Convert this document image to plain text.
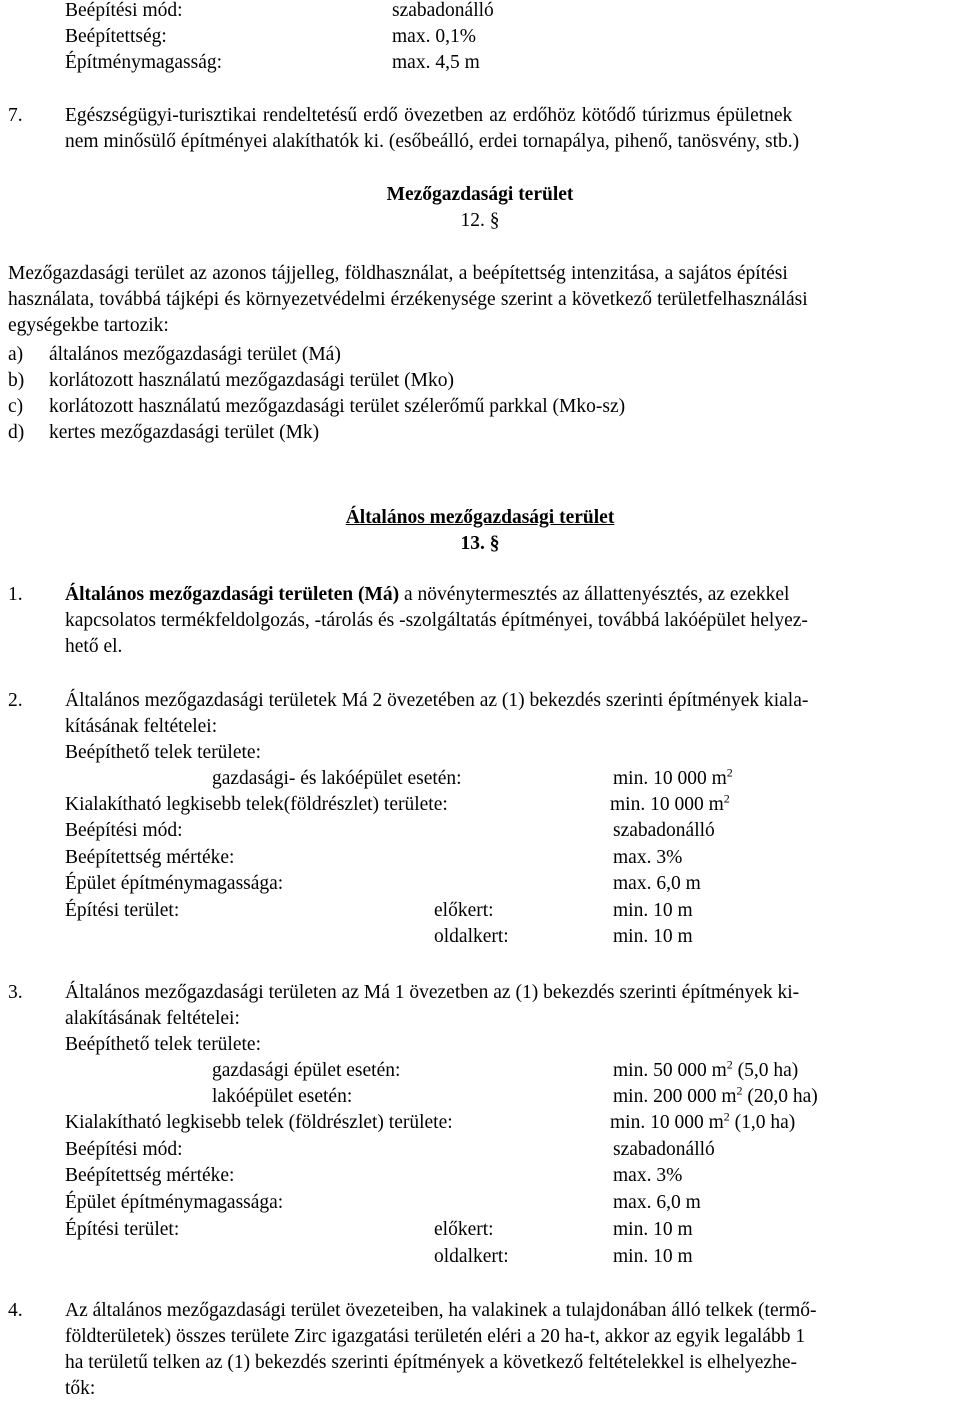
Beépítési mód:	szabadonálló
Beépítettség:	max. 0,1%
Építménymagasság:	max. 4,5 m
7. Egészségügyi-turisztikai rendeltetésű erdő övezetben az erdőhöz kötődő túrizmus épületnek
nem minősülő építményei alakíthatók ki. (esőbeálló, erdei tornapálya, pihenő, tanösvény, stb.)
Mezőgazdasági terület
12. §
Mezőgazdasági terület az azonos tájjelleg, földhasználat, a beépítettség intenzitása, a sajátos építési
használata, továbbá tájképi és környezetvédelmi érzékenysége szerint a következő területfelhasználási
egységekbe tartozik:
a) általános mezőgazdasági terület (Má)
b) korlátozott használatú mezőgazdasági terület (Mko)
c) korlátozott használatú mezőgazdasági terület szélerőmű parkkal (Mko-sz)
d) kertes mezőgazdasági terület (Mk)
Általános mezőgazdasági terület
13. §
1. Általános mezőgazdasági területen (Má) a növénytermesztés az állattenyésztés, az ezekkel
kapcsolatos termékfeldolgozás, -tárolás és -szolgáltatás építményei, továbbá lakóépület helyez-
hető el.
2. Általános mezőgazdasági területek Má 2 övezetében az (1) bekezdés szerinti építmények kiala-
kításának feltételei:
Beépíthető telek területe:
gazdasági- és lakóépület esetén:	min. 10 000 $m^2$
Kialakítható legkisebb telek(földrészlet) területe:	min. 10 000 $m^2$
Beépítési mód:	szabadonálló
Beépítettség mértéke:	max. 3%
Épület építménymagassága:	max. 6,0 m
Építési terület:	előkert:	min. 10 m
oldalkert:	min. 10 m
3. Általános mezőgazdasági területen az Má 1 övezetben az (1) bekezdés szerinti építmények ki-
alakításának feltételei:
Beépíthető telek területe:
gazdasági épület esetén:	min. 50 000 $m^2$ (5,0 ha)
lakóépület esetén:	min. 200 000 $m^2$ (20,0 ha)
Kialakítható legkisebb telek (földrészlet) területe:	min. 10 000 $m^2$ (1,0 ha)
Beépítési mód:	szabadonálló
Beépítettség mértéke:	max. 3%
Épület építménymagassága:	max. 6,0 m
Építési terület:	előkert:	min. 10 m
oldalkert:	min. 10 m
4. Az általános mezőgazdasági terület övezeteiben, ha valakinek a tulajdonában álló telkek (termő-
földterületek) összes területe Zirc igazgatási területén eléri a 20 ha-t, akkor az egyik legalább 1
ha területű telken az (1) bekezdés szerinti építmények a következő feltételekkel is elhelyezhe-
tők:
